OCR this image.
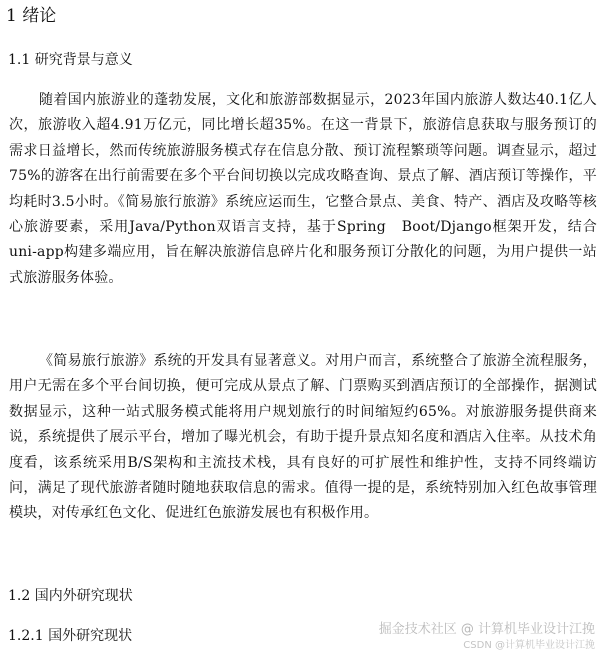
1 绪论
1.1 研究背景与意义

随着国内旅游业的蓬勃发展，文化和旅游部数据显示，2023年国内旅游人数达40.1亿人次，旅游收入超4.91万亿元，同比增长超35%。在这一背景下，旅游信息获取与服务预订的需求日益增长，然而传统旅游服务模式存在信息分散、预订流程繁琐等问题。调查显示，超过75%的游客在出行前需要在多个平台间切换以完成攻略查询、景点了解、酒店预订等操作，平均耗时3.5小时。《简易旅行旅游》系统应运而生，它整合景点、美食、特产、酒店及攻略等核心旅游要素，采用Java/Python双语言支持，基于Spring　Boot/Django框架开发，结合uni-app构建多端应用，旨在解决旅游信息碎片化和服务预订分散化的问题，为用户提供一站式旅游服务体验。

《简易旅行旅游》系统的开发具有显著意义。对用户而言，系统整合了旅游全流程服务，用户无需在多个平台间切换，便可完成从景点了解、门票购买到酒店预订的全部操作，据测试数据显示，这种一站式服务模式能将用户规划旅行的时间缩短约65%。对旅游服务提供商来说，系统提供了展示平台，增加了曝光机会，有助于提升景点知名度和酒店入住率。从技术角度看，该系统采用B/S架构和主流技术栈，具有良好的可扩展性和维护性，支持不同终端访问，满足了现代旅游者随时随地获取信息的需求。值得一提的是，系统特别加入红色故事管理模块，对传承红色文化、促进红色旅游发展也有积极作用。

1.2 国内外研究现状
1.2.1 国外研究现状	掘金技术社区 @ 计算机毕业设计江挽
CSDN @计算机毕业设计江挽
